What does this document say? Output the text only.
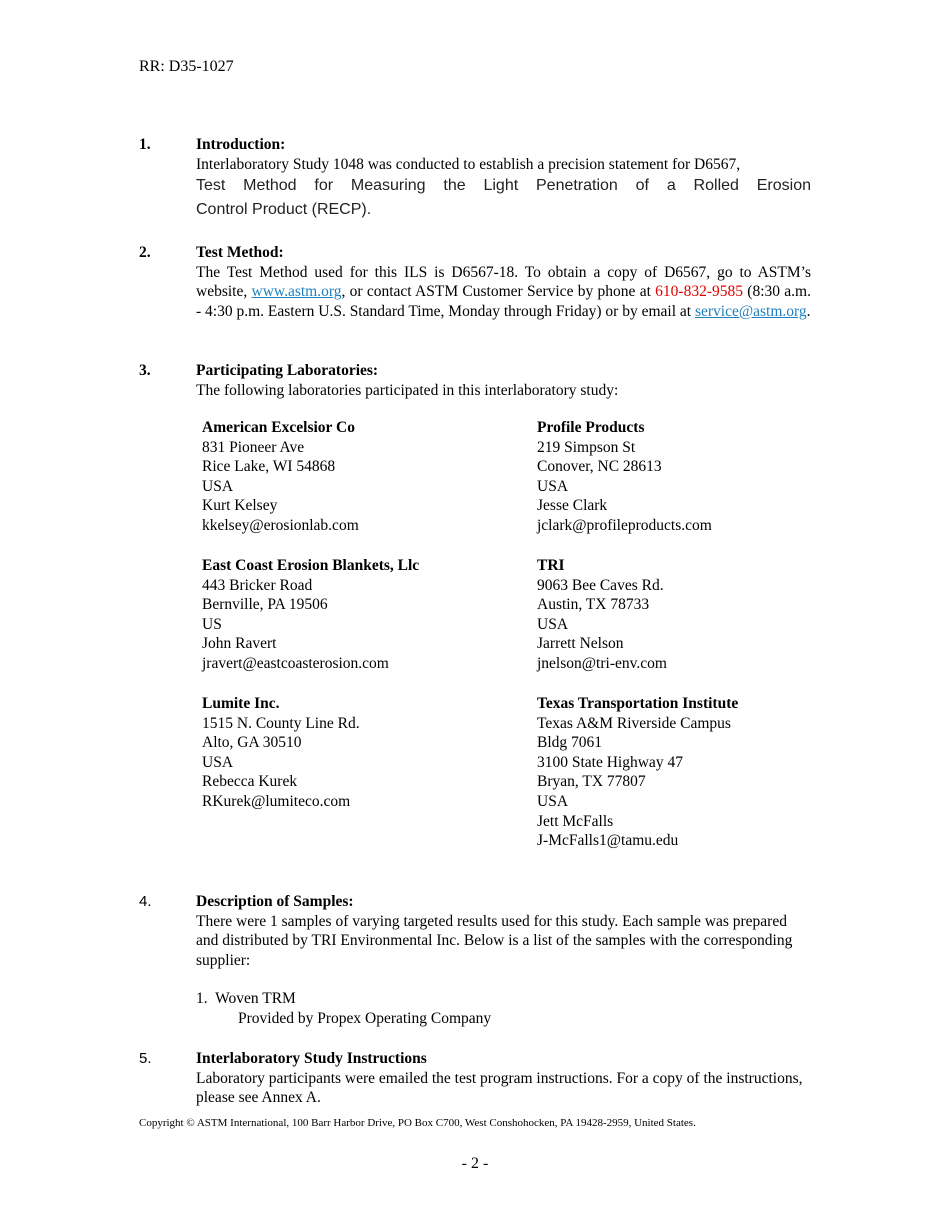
RR: D35-1027
1.	Introduction:
Interlaboratory Study 1048 was conducted to establish a precision statement for D6567,
Test Method for Measuring the Light Penetration of a Rolled Erosion
Control Product (RECP).
2.	Test Method:
The Test Method used for this ILS is D6567-18. To obtain a copy of D6567, go to ASTM’s website, www.astm.org, or contact ASTM Customer Service by phone at 610-832-9585 (8:30 a.m. - 4:30 p.m. Eastern U.S. Standard Time, Monday through Friday) or by email at service@astm.org.
3.	Participating Laboratories:
The following laboratories participated in this interlaboratory study:
American Excelsior Co
831 Pioneer Ave
Rice Lake, WI 54868
USA
Kurt Kelsey
kkelsey@erosionlab.com
Profile Products
219 Simpson St
Conover, NC 28613
USA
Jesse Clark
jclark@profileproducts.com
East Coast Erosion Blankets, Llc
443 Bricker Road
Bernville, PA 19506
US
John Ravert
jravert@eastcoasterosion.com
TRI
9063 Bee Caves Rd.
Austin, TX 78733
USA
Jarrett Nelson
jnelson@tri-env.com
Lumite Inc.
1515 N. County Line Rd.
Alto, GA 30510
USA
Rebecca Kurek
RKurek@lumiteco.com
Texas Transportation Institute
Texas A&M Riverside Campus
Bldg 7061
3100 State Highway 47
Bryan, TX 77807
USA
Jett McFalls
J-McFalls1@tamu.edu
4.	Description of Samples:
There were 1 samples of varying targeted results used for this study. Each sample was prepared and distributed by TRI Environmental Inc. Below is a list of the samples with the corresponding supplier:
1. Woven TRM
Provided by Propex Operating Company
5.	Interlaboratory Study Instructions
Laboratory participants were emailed the test program instructions. For a copy of the instructions, please see Annex A.
Copyright © ASTM International, 100 Barr Harbor Drive, PO Box C700, West Conshohocken, PA 19428-2959, United States.
- 2 -
